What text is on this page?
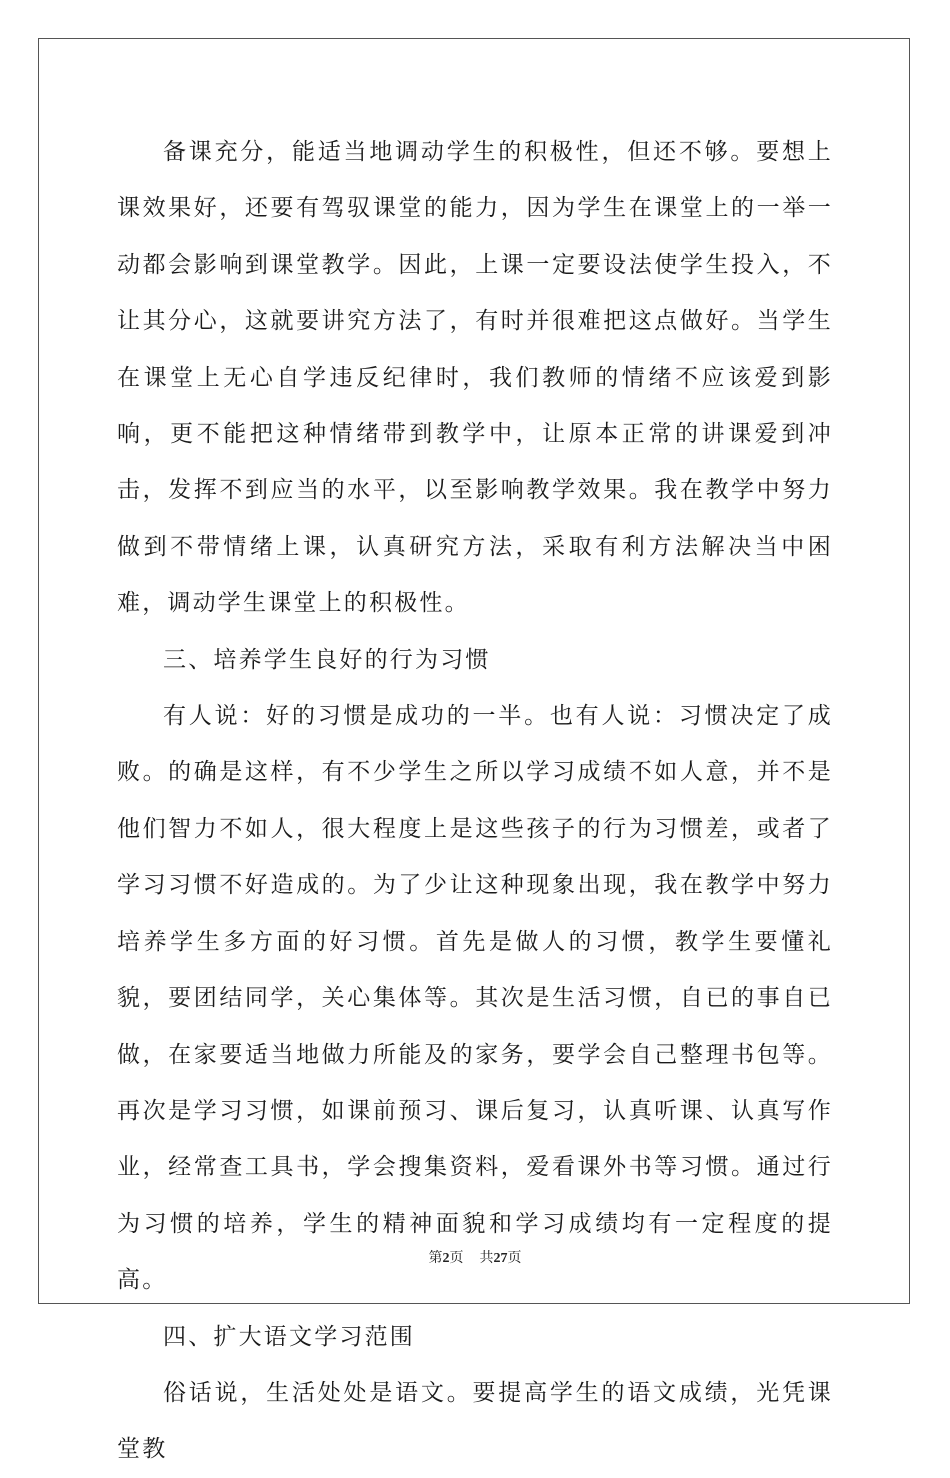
备课充分，能适当地调动学生的积极性，但还不够。要想上课效果好，还要有驾驭课堂的能力，因为学生在课堂上的一举一动都会影响到课堂教学。因此，上课一定要设法使学生投入，不让其分心，这就要讲究方法了，有时并很难把这点做好。当学生在课堂上无心自学违反纪律时，我们教师的情绪不应该爱到影响，更不能把这种情绪带到教学中，让原本正常的讲课爱到冲击，发挥不到应当的水平，以至影响教学效果。我在教学中努力做到不带情绪上课，认真研究方法，采取有利方法解决当中困难，调动学生课堂上的积极性。

三、培养学生良好的行为习惯

有人说：好的习惯是成功的一半。也有人说：习惯决定了成败。的确是这样，有不少学生之所以学习成绩不如人意，并不是他们智力不如人，很大程度上是这些孩子的行为习惯差，或者了学习习惯不好造成的。为了少让这种现象出现，我在教学中努力培养学生多方面的好习惯。首先是做人的习惯，教学生要懂礼貌，要团结同学，关心集体等。其次是生活习惯，自已的事自已做，在家要适当地做力所能及的家务，要学会自己整理书包等。再次是学习习惯，如课前预习、课后复习，认真听课、认真写作业，经常查工具书，学会搜集资料，爱看课外书等习惯。通过行为习惯的培养，学生的精神面貌和学习成绩均有一定程度的提高。

四、扩大语文学习范围

俗话说，生活处处是语文。要提高学生的语文成绩，光凭课堂教

第2页 共27页
